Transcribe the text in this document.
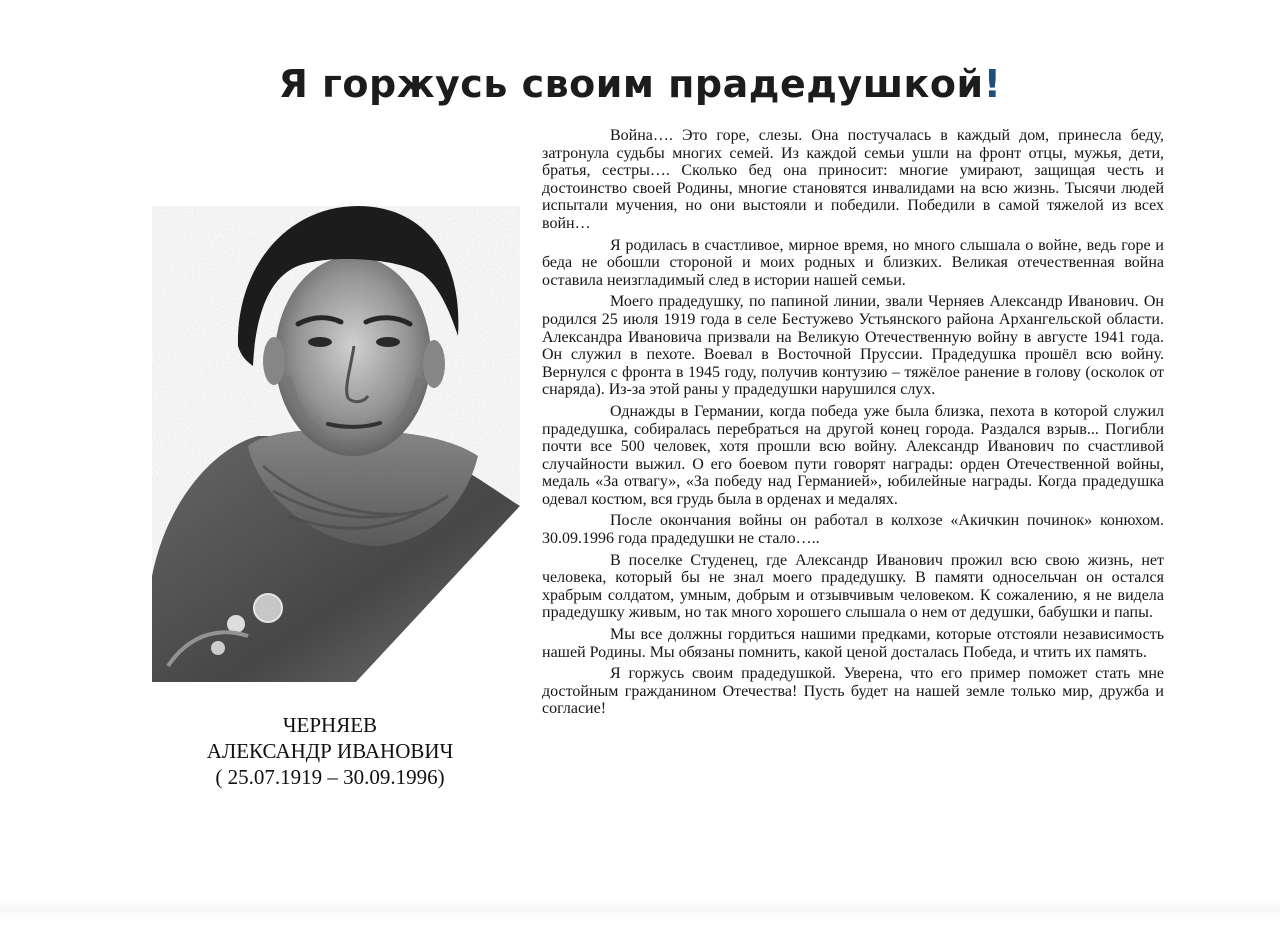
Я горжусь своим прадедушкой!
ЧЕРНЯЕВ
АЛЕКСАНДР ИВАНОВИЧ
( 25.07.1919 – 30.09.1996)

Война…. Это горе, слезы. Она постучалась в каждый дом, принесла беду, затронула судьбы многих семей. Из каждой семьи ушли на фронт отцы, мужья, дети, братья, сестры…. Сколько бед она приносит: многие умирают, защищая честь и достоинство своей Родины, многие становятся инвалидами на всю жизнь. Тысячи людей испытали мучения, но они выстояли и победили. Победили в самой тяжелой из всех войн…

Я родилась в счастливое, мирное время, но много слышала о войне, ведь горе и беда не обошли стороной и моих родных и близких. Великая отечественная война оставила неизгладимый след в истории нашей семьи.

Моего прадедушку, по папиной линии, звали Черняев Александр Иванович. Он родился 25 июля 1919 года в селе Бестужево Устьянского района Архангельской области. Александра Ивановича призвали на Великую Отечественную войну в августе 1941 года. Он служил в пехоте. Воевал в Восточной Пруссии. Прадедушка прошёл всю войну. Вернулся с фронта в 1945 году, получив контузию – тяжёлое ранение в голову (осколок от снаряда). Из-за этой раны у прадедушки нарушился слух.

Однажды в Германии, когда победа уже была близка, пехота в которой служил прадедушка, собиралась перебраться на другой конец города. Раздался взрыв... Погибли почти все 500 человек, хотя прошли всю войну. Александр Иванович по счастливой случайности выжил. О его боевом пути говорят награды: орден Отечественной войны, медаль «За отвагу», «За победу над Германией», юбилейные награды. Когда прадедушка одевал костюм, вся грудь была в орденах и медалях.

После окончания войны он работал в колхозе «Акичкин починок» конюхом. 30.09.1996 года прадедушки не стало…..

В поселке Студенец, где Александр Иванович прожил всю свою жизнь, нет человека, который бы не знал моего прадедушку. В памяти односельчан он остался храбрым солдатом, умным, добрым и отзывчивым человеком. К сожалению, я не видела прадедушку живым, но так много хорошего слышала о нем от дедушки, бабушки и папы.

Мы все должны гордиться нашими предками, которые отстояли независимость нашей Родины. Мы обязаны помнить, какой ценой досталась Победа, и чтить их память.

Я горжусь своим прадедушкой. Уверена, что его пример поможет стать мне достойным гражданином Отечества! Пусть будет на нашей земле только мир, дружба и согласие!
